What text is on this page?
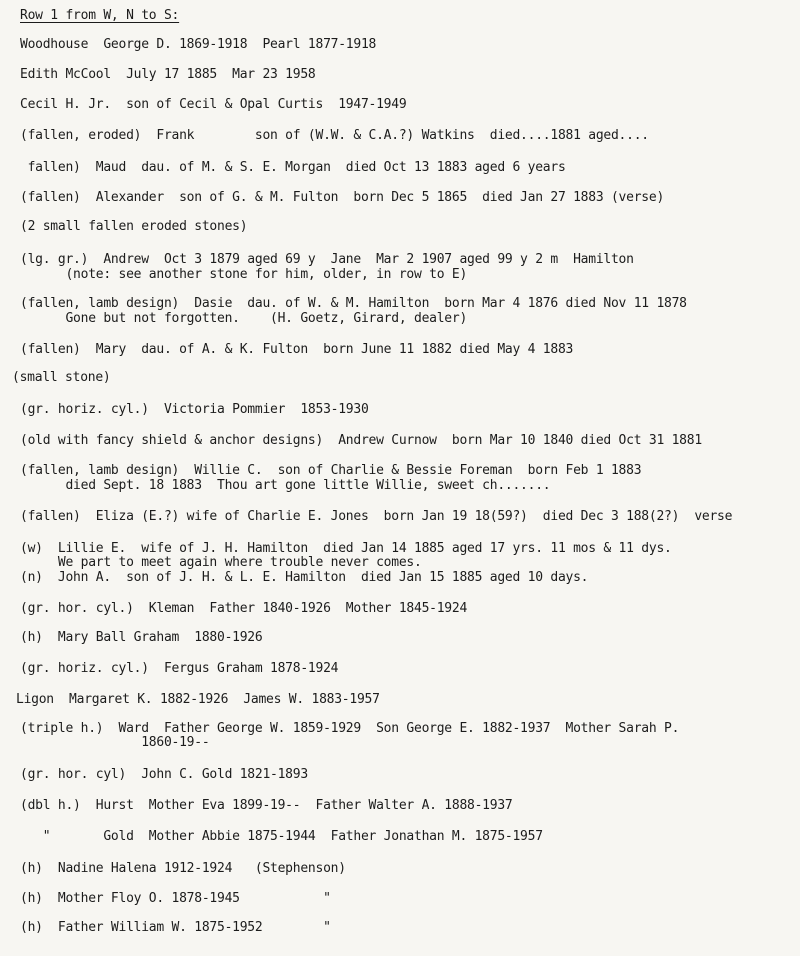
Row 1 from W, N to S:
Woodhouse  George D. 1869-1918  Pearl 1877-1918
Edith McCool  July 17 1885  Mar 23 1958
Cecil H. Jr.  son of Cecil & Opal Curtis  1947-1949
(fallen, eroded)  Frank        son of (W.W. & C.A.?) Watkins  died....1881 aged....
fallen)  Maud  dau. of M. & S. E. Morgan  died Oct 13 1883 aged 6 years
(fallen)  Alexander  son of G. & M. Fulton  born Dec 5 1865  died Jan 27 1883 (verse)
(2 small fallen eroded stones)
(lg. gr.)  Andrew  Oct 3 1879 aged 69 y  Jane  Mar 2 1907 aged 99 y 2 m  Hamilton
(note: see another stone for him, older, in row to E)
(fallen, lamb design)  Dasie  dau. of W. & M. Hamilton  born Mar 4 1876 died Nov 11 1878
Gone but not forgotten.    (H. Goetz, Girard, dealer)
(fallen)  Mary  dau. of A. & K. Fulton  born June 11 1882 died May 4 1883
(small stone)
(gr. horiz. cyl.)  Victoria Pommier  1853-1930
(old with fancy shield & anchor designs)  Andrew Curnow  born Mar 10 1840 died Oct 31 1881
(fallen, lamb design)  Willie C.  son of Charlie & Bessie Foreman  born Feb 1 1883
died Sept. 18 1883  Thou art gone little Willie, sweet ch.......
(fallen)  Eliza (E.?) wife of Charlie E. Jones  born Jan 19 18(59?)  died Dec 3 188(2?)  verse
(w)  Lillie E.  wife of J. H. Hamilton  died Jan 14 1885 aged 17 yrs. 11 mos & 11 dys.
We part to meet again where trouble never comes.
(n)  John A.  son of J. H. & L. E. Hamilton  died Jan 15 1885 aged 10 days.
(gr. hor. cyl.)  Kleman  Father 1840-1926  Mother 1845-1924
(h)  Mary Ball Graham  1880-1926
(gr. horiz. cyl.)  Fergus Graham 1878-1924
Ligon  Margaret K. 1882-1926  James W. 1883-1957
(triple h.)  Ward  Father George W. 1859-1929  Son George E. 1882-1937  Mother Sarah P.
1860-19--
(gr. hor. cyl)  John C. Gold 1821-1893
(dbl h.)  Hurst  Mother Eva 1899-19--  Father Walter A. 1888-1937
"       Gold  Mother Abbie 1875-1944  Father Jonathan M. 1875-1957
(h)  Nadine Halena 1912-1924   (Stephenson)
(h)  Mother Floy O. 1878-1945           "
(h)  Father William W. 1875-1952        "
